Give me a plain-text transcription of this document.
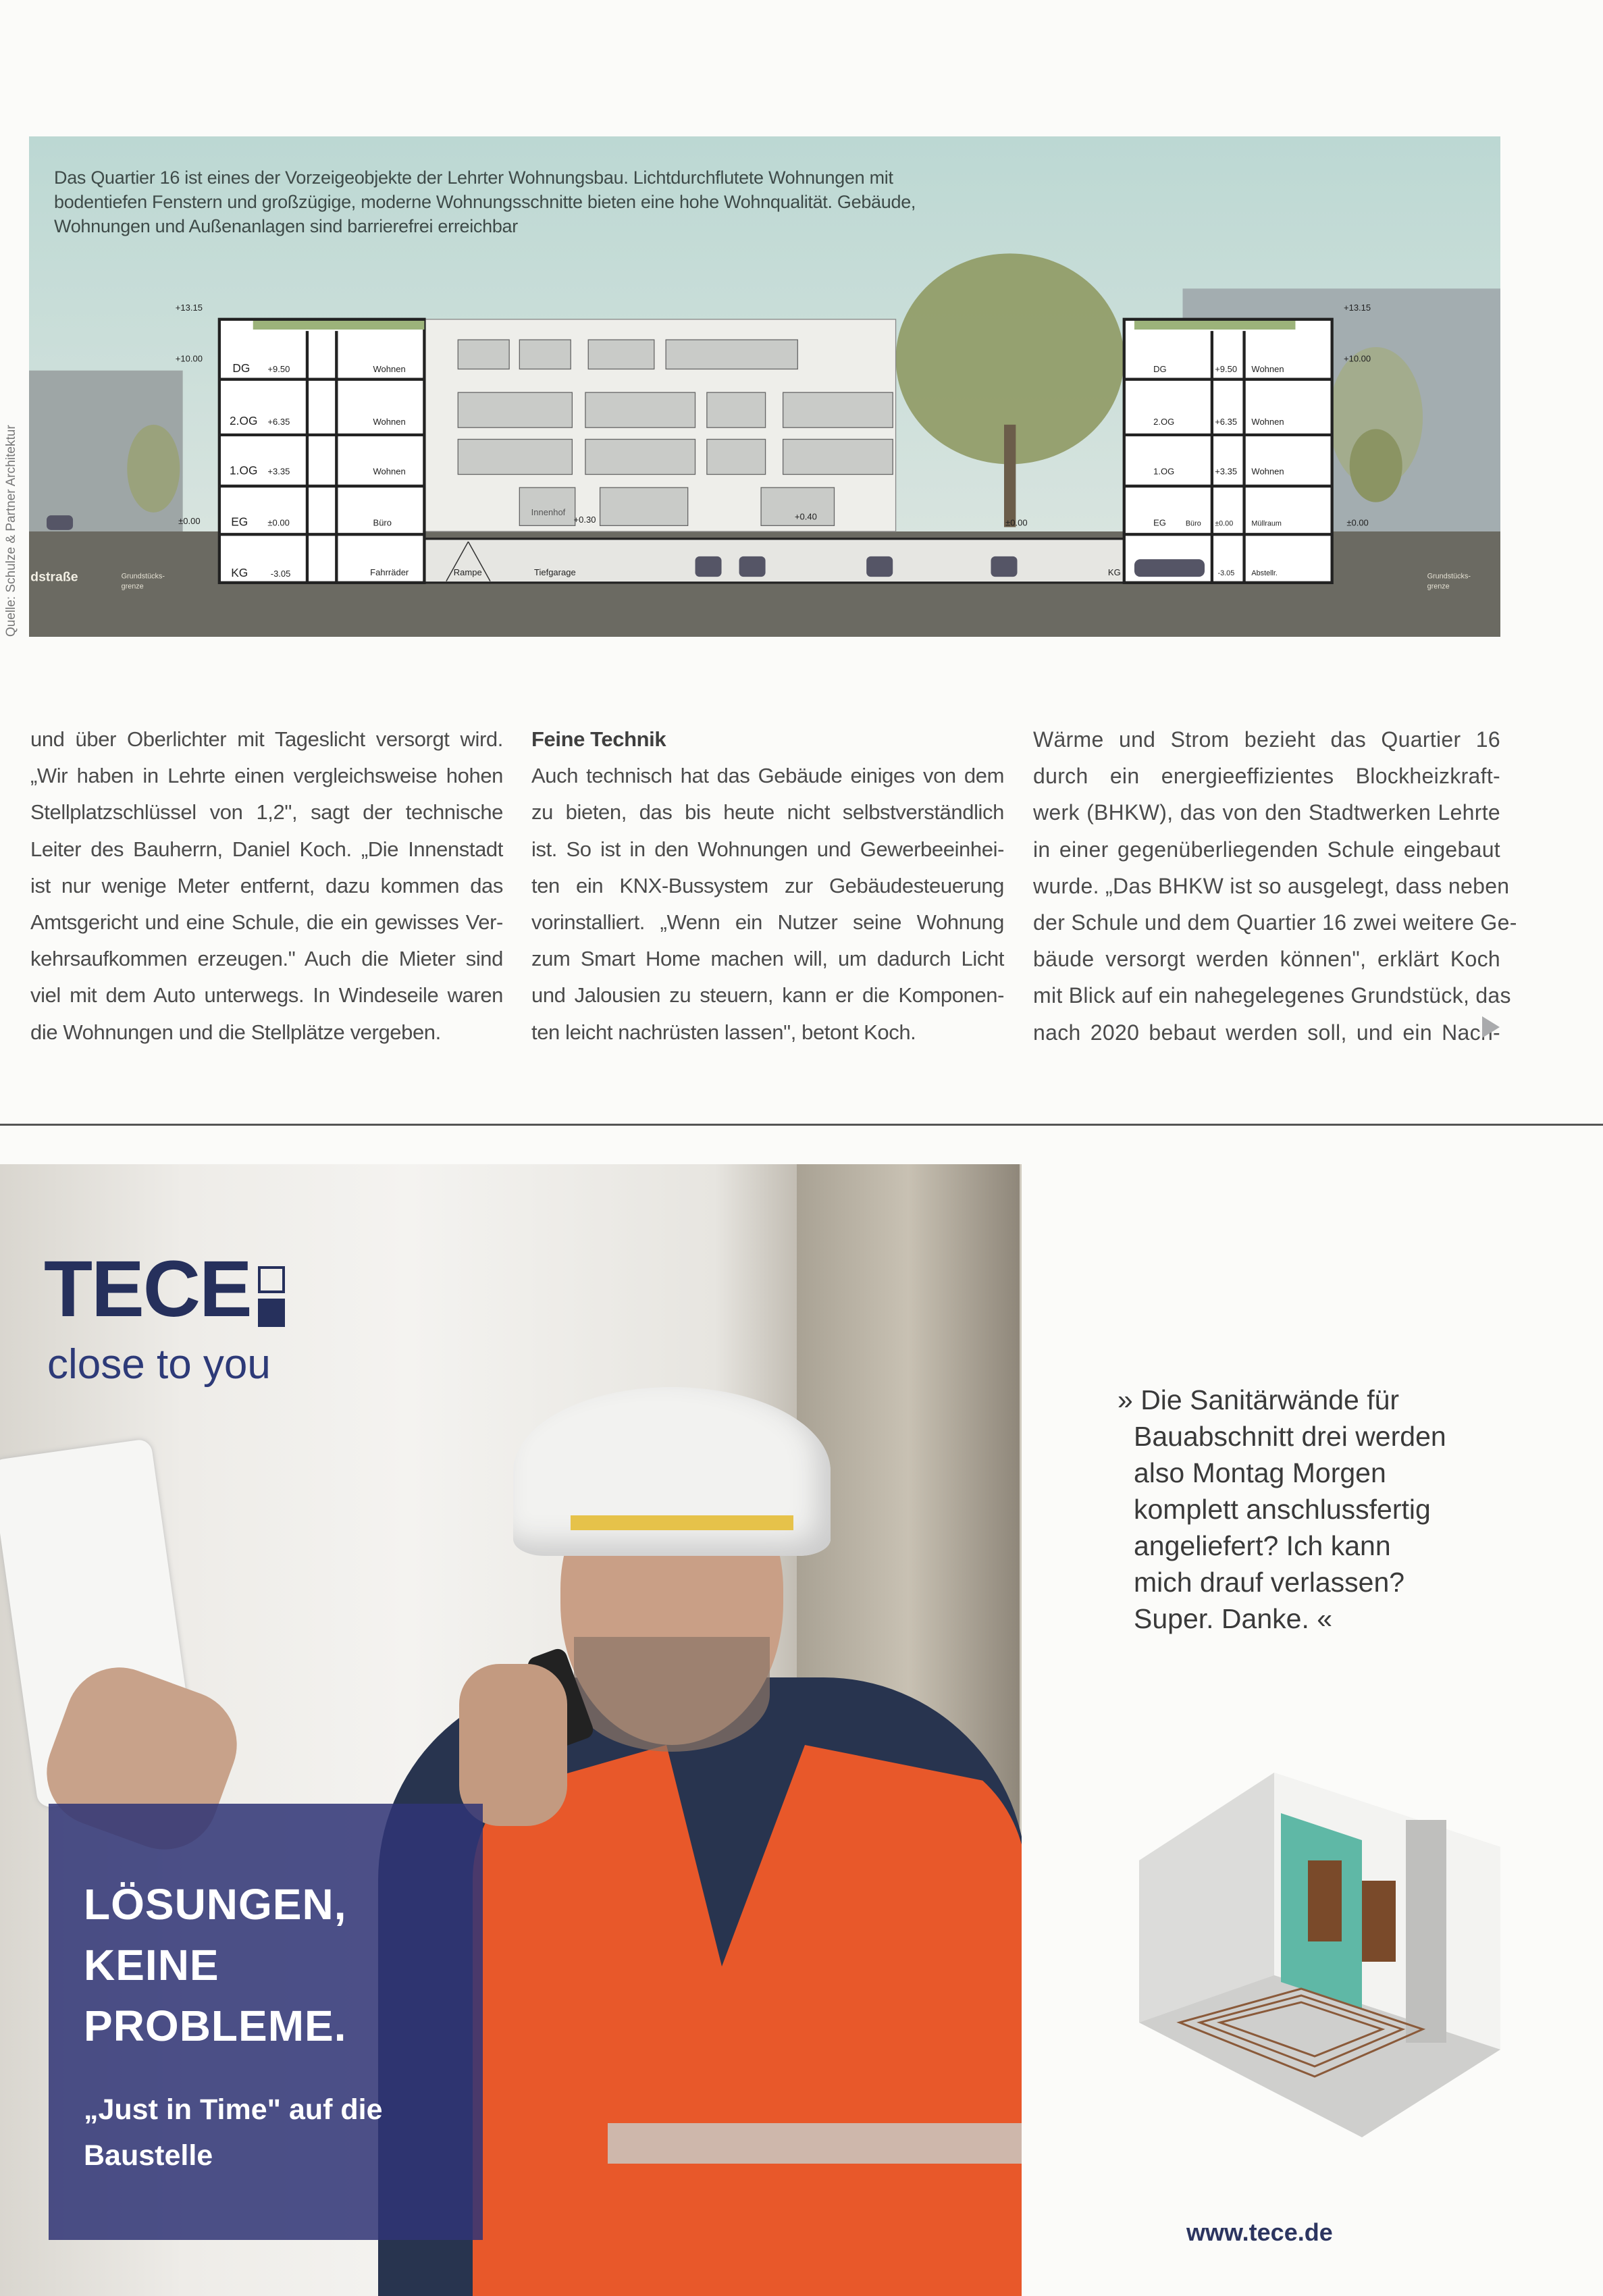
+13.15
+10.00
±0.00
DG	+9.50	Wohnen
2.OG +6.35	Wohnen
1.OG +3.35	Wohnen
EG	±0.00	Büro
KG	-3.05	Fahrräder	Rampe	Tiefgarage
Innenhof
+0.30	+0.40
±0.00
DG	+9.50	Wohnen
2.OG	+6.35	Wohnen
1.OG	+3.35	Wohnen
EG	Büro	±0.00	Müllraum
KG	-3.05	Abstellr.
+13.15
+10.00
±0.00
dstraße	Grundstücks-
grenze
Grundstücks-
grenze
Das Quartier 16 ist eines der Vorzeigeobjekte der Lehrter Wohnungsbau. Lichtdurchflutete Wohnungen mit bodentiefen Fenstern und großzügige, moderne Wohnungsschnitte bieten eine hohe Wohnqualität. Gebäude, Wohnungen und Außenanlagen sind barrierefrei erreichbar
Quelle: Schulze & Partner Architektur
und über Oberlichter mit Tageslicht versorgt wird.
„Wir haben in Lehrte einen vergleichsweise hohen
Stellplatzschlüssel von 1,2", sagt der technische
Leiter des Bauherrn, Daniel Koch. „Die Innenstadt
ist nur wenige Meter entfernt, dazu kommen das
Amtsgericht und eine Schule, die ein gewisses Ver-
kehrsaufkommen erzeugen." Auch die Mieter sind
viel mit dem Auto unterwegs. In Windeseile waren
die Wohnungen und die Stellplätze vergeben.
Feine Technik
Auch technisch hat das Gebäude einiges von dem
zu bieten, das bis heute nicht selbstverständlich
ist. So ist in den Wohnungen und Gewerbeeinhei-
ten ein KNX-Bussystem zur Gebäudesteuerung
vorinstalliert. „Wenn ein Nutzer seine Wohnung
zum Smart Home machen will, um dadurch Licht
und Jalousien zu steuern, kann er die Komponen-
ten leicht nachrüsten lassen", betont Koch.
Wärme und Strom bezieht das Quartier 16
durch ein energieeffizientes Blockheizkraft-
werk (BHKW), das von den Stadtwerken Lehrte
in einer gegenüberliegenden Schule eingebaut
wurde. „Das BHKW ist so ausgelegt, dass neben
der Schule und dem Quartier 16 zwei weitere Ge-
bäude versorgt werden können", erklärt Koch
mit Blick auf ein nahegelegenes Grundstück, das
nach 2020 bebaut werden soll, und ein Nach-
TECE
close to you
LÖSUNGEN,
KEINE
PROBLEME.
„Just in Time" auf die
Baustelle
» Die Sanitärwände für
Bauabschnitt drei werden
also Montag Morgen
komplett anschlussfertig
angeliefert? Ich kann
mich drauf verlassen?
Super. Danke. «
www.tece.de
